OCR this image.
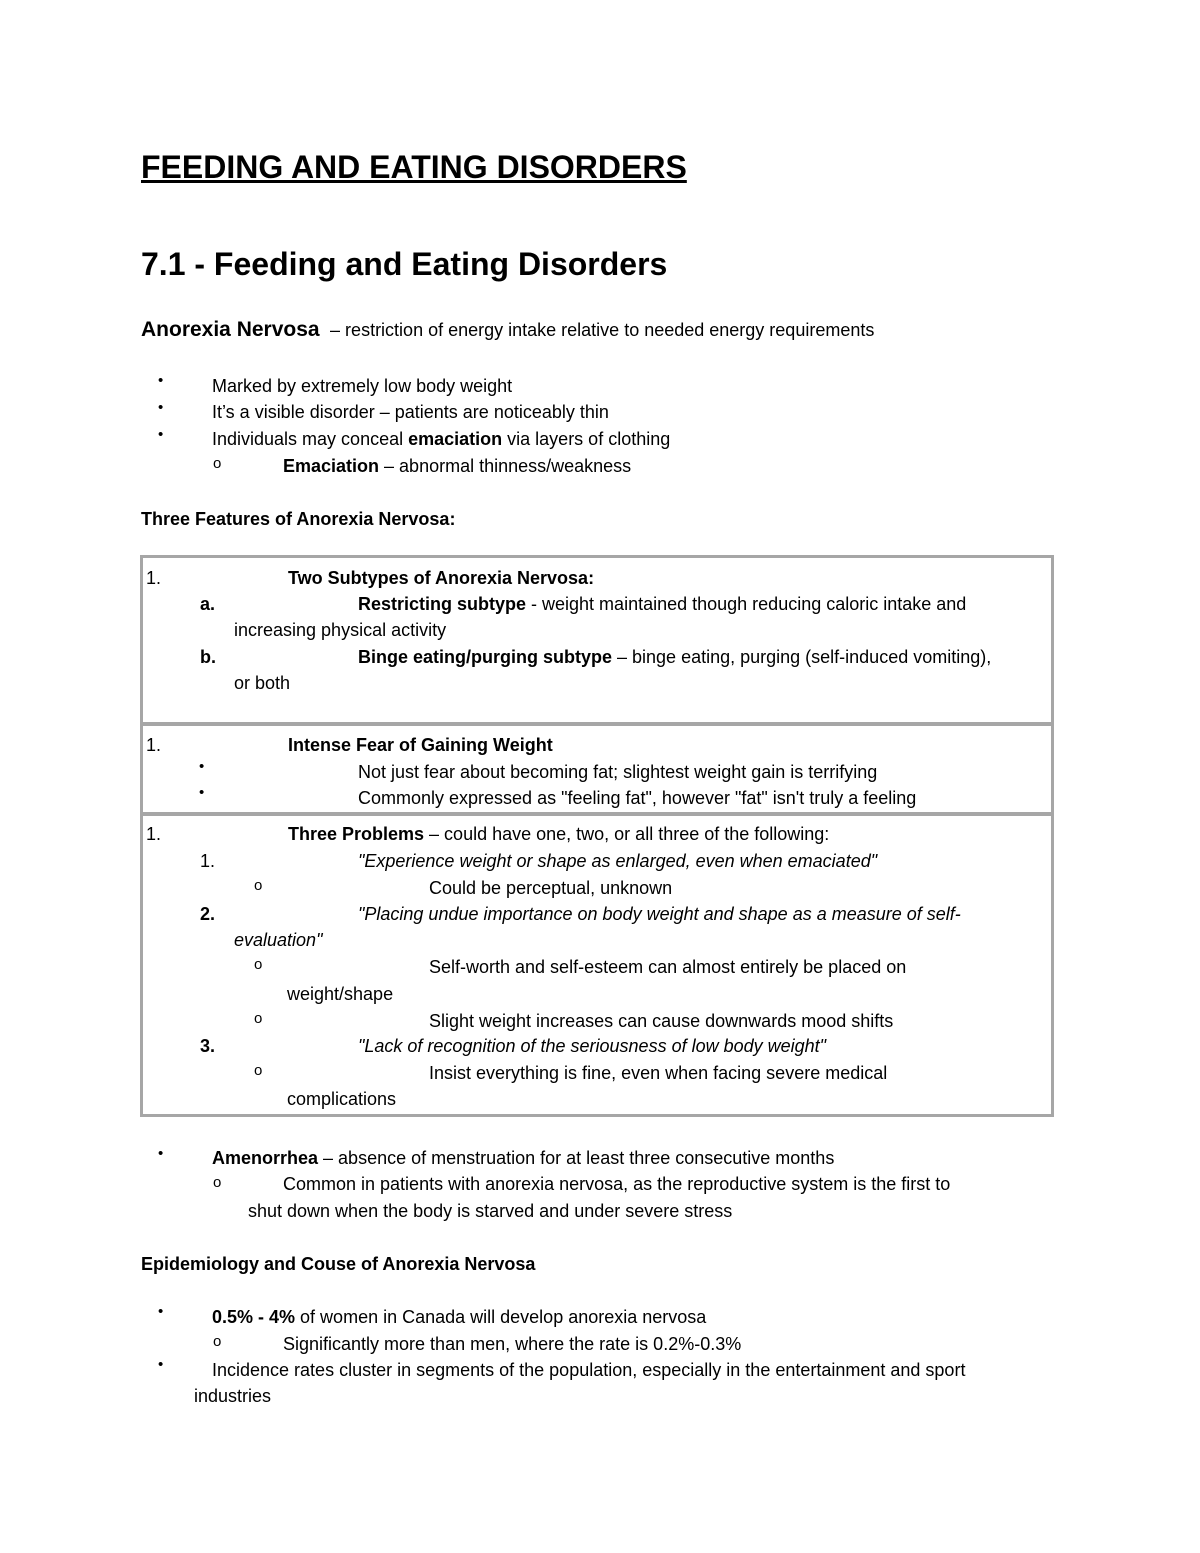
FEEDING AND EATING DISORDERS
7.1 - Feeding and Eating Disorders
Anorexia Nervosa – restriction of energy intake relative to needed energy requirements
•	Marked by extremely low body weight
•	It’s a visible disorder – patients are noticeably thin
•	Individuals may conceal emaciation via layers of clothing
o	Emaciation – abnormal thinness/weakness
Three Features of Anorexia Nervosa:
1.	Two Subtypes of Anorexia Nervosa:
a.	Restricting subtype - weight maintained though reducing caloric intake and
increasing physical activity
b.	Binge eating/purging subtype – binge eating, purging (self-induced vomiting),
or both
1.	Intense Fear of Gaining Weight
•	Not just fear about becoming fat; slightest weight gain is terrifying
•	Commonly expressed as "feeling fat", however "fat" isn't truly a feeling
1.	Three Problems – could have one, two, or all three of the following:
1.	"Experience weight or shape as enlarged, even when emaciated"
o	Could be perceptual, unknown
2.	"Placing undue importance on body weight and shape as a measure of self-
evaluation"
o	Self-worth and self-esteem can almost entirely be placed on
weight/shape
o	Slight weight increases can cause downwards mood shifts
3.	"Lack of recognition of the seriousness of low body weight"
o	Insist everything is fine, even when facing severe medical
complications
•	Amenorrhea – absence of menstruation for at least three consecutive months
o	Common in patients with anorexia nervosa, as the reproductive system is the first to
shut down when the body is starved and under severe stress
Epidemiology and Couse of Anorexia Nervosa
•	0.5% - 4% of women in Canada will develop anorexia nervosa
o	Significantly more than men, where the rate is 0.2%-0.3%
•	Incidence rates cluster in segments of the population, especially in the entertainment and sport
industries
